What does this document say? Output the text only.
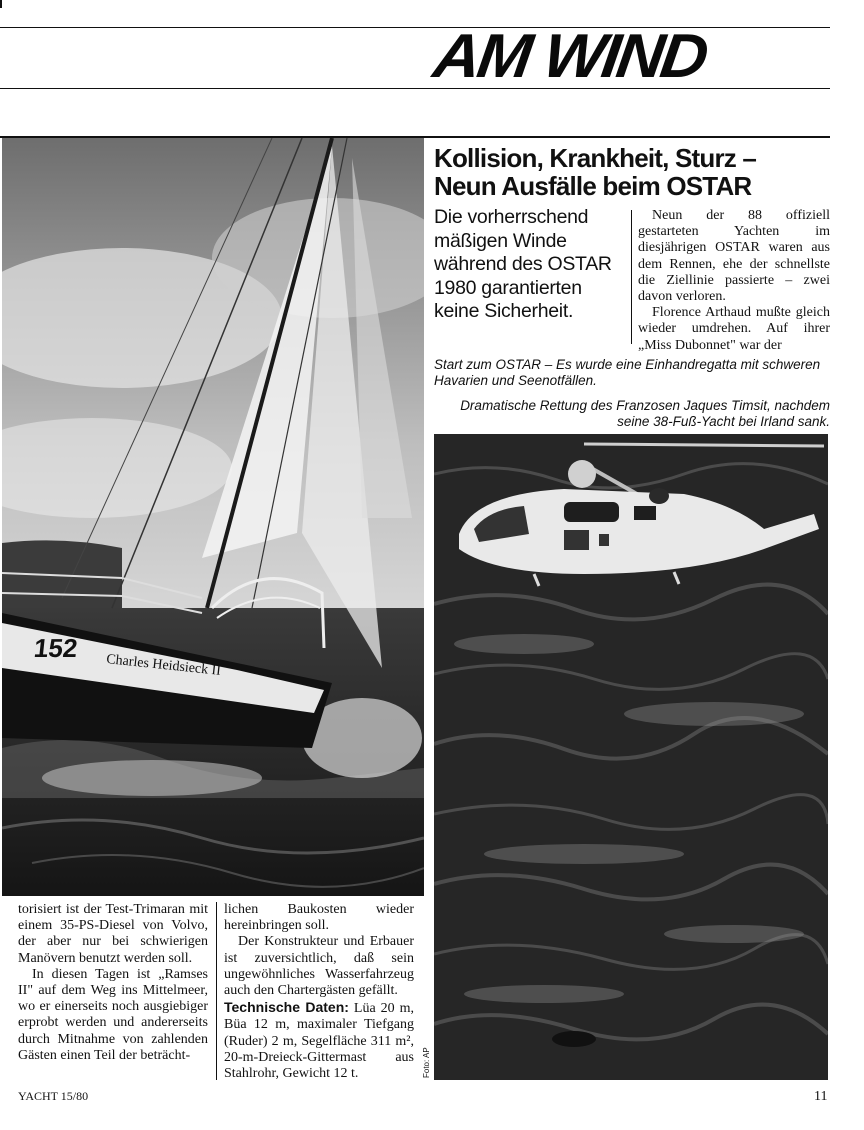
AM WIND
152
Charles Heidsieck II
Kollision, Krankheit, Sturz –
Neun Ausfälle beim OSTAR
Die vorherrschend mäßigen Winde während des OSTAR 1980 garantierten keine Sicherheit.

Neun der 88 offiziell gestarteten Yachten im diesjährigen OSTAR waren aus dem Rennen, ehe der schnellste die Ziellinie passierte – zwei davon verloren.

Florence Arthaud mußte gleich wieder umdrehen. Auf ihrer „Miss Dubonnet" war der

Start zum OSTAR – Es wurde eine Einhandregatta mit schweren Havarien und Seenotfällen.
Dramatische Rettung des Franzosen Jaques Timsit, nachdem seine 38-Fuß-Yacht bei Irland sank.
Foto: AP

torisiert ist der Test-Trimaran mit einem 35-PS-Diesel von Volvo, der aber nur bei schwierigen Manövern benutzt werden soll.

In diesen Tagen ist „Ramses II" auf dem Weg ins Mittelmeer, wo er einerseits noch ausgiebiger erprobt werden und andererseits durch Mitnahme von zahlenden Gästen einen Teil der beträcht-

lichen Baukosten wieder hereinbringen soll.

Der Konstrukteur und Erbauer ist zuversichtlich, daß sein ungewöhnliches Wasserfahrzeug auch den Chartergästen gefällt.

Technische Daten: Lüa 20 m, Büa 12 m, maximaler Tiefgang (Ruder) 2 m, Segelfläche 311 m², 20-m-Dreieck-Gittermast aus Stahlrohr, Gewicht 12 t.

YACHT 15/80	11
